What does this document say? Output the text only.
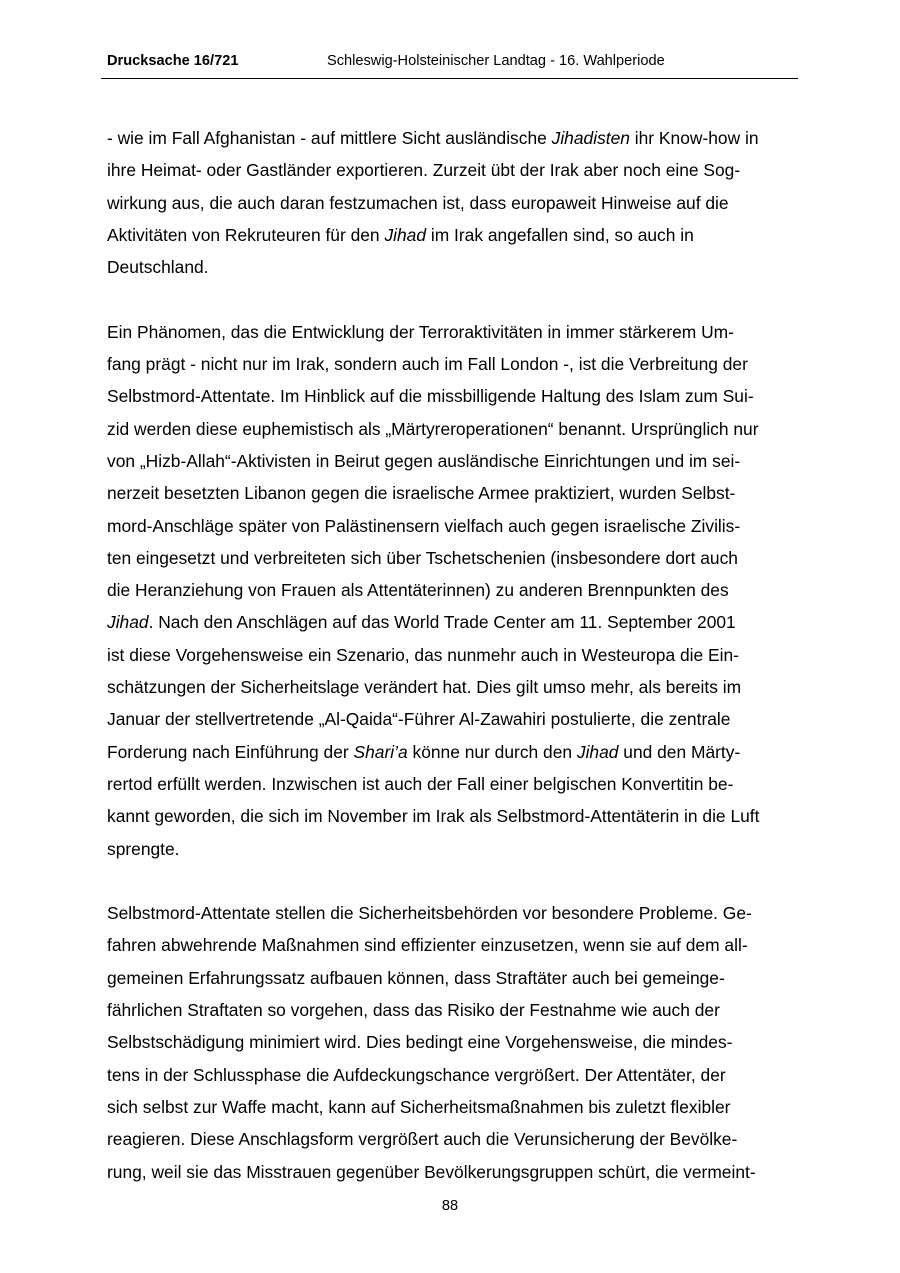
Drucksache 16/721	Schleswig-Holsteinischer Landtag - 16. Wahlperiode
- wie im Fall Afghanistan - auf mittlere Sicht ausländische Jihadisten ihr Know-how in
ihre Heimat- oder Gastländer exportieren. Zurzeit übt der Irak aber noch eine Sog-
wirkung aus, die auch daran festzumachen ist, dass europaweit Hinweise auf die
Aktivitäten von Rekruteuren für den Jihad im Irak angefallen sind, so auch in
Deutschland.
Ein Phänomen, das die Entwicklung der Terroraktivitäten in immer stärkerem Um-
fang prägt - nicht nur im Irak, sondern auch im Fall London -, ist die Verbreitung der
Selbstmord-Attentate. Im Hinblick auf die missbilligende Haltung des Islam zum Sui-
zid werden diese euphemistisch als „Märtyreroperationen“ benannt. Ursprünglich nur
von „Hizb-Allah“-Aktivisten in Beirut gegen ausländische Einrichtungen und im sei-
nerzeit besetzten Libanon gegen die israelische Armee praktiziert, wurden Selbst-
mord-Anschläge später von Palästinensern vielfach auch gegen israelische Zivilis-
ten eingesetzt und verbreiteten sich über Tschetschenien (insbesondere dort auch
die Heranziehung von Frauen als Attentäterinnen) zu anderen Brennpunkten des
Jihad. Nach den Anschlägen auf das World Trade Center am 11. September 2001
ist diese Vorgehensweise ein Szenario, das nunmehr auch in Westeuropa die Ein-
schätzungen der Sicherheitslage verändert hat. Dies gilt umso mehr, als bereits im
Januar der stellvertretende „Al-Qaida“-Führer Al-Zawahiri postulierte, die zentrale
Forderung nach Einführung der Shari’a könne nur durch den Jihad und den Märty-
rertod erfüllt werden. Inzwischen ist auch der Fall einer belgischen Konvertitin be-
kannt geworden, die sich im November im Irak als Selbstmord-Attentäterin in die Luft
sprengte.
Selbstmord-Attentate stellen die Sicherheitsbehörden vor besondere Probleme. Ge-
fahren abwehrende Maßnahmen sind effizienter einzusetzen, wenn sie auf dem all-
gemeinen Erfahrungssatz aufbauen können, dass Straftäter auch bei gemeinge-
fährlichen Straftaten so vorgehen, dass das Risiko der Festnahme wie auch der
Selbstschädigung minimiert wird. Dies bedingt eine Vorgehensweise, die mindes-
tens in der Schlussphase die Aufdeckungschance vergrößert. Der Attentäter, der
sich selbst zur Waffe macht, kann auf Sicherheitsmaßnahmen bis zuletzt flexibler
reagieren. Diese Anschlagsform vergrößert auch die Verunsicherung der Bevölke-
rung, weil sie das Misstrauen gegenüber Bevölkerungsgruppen schürt, die vermeint-
88
